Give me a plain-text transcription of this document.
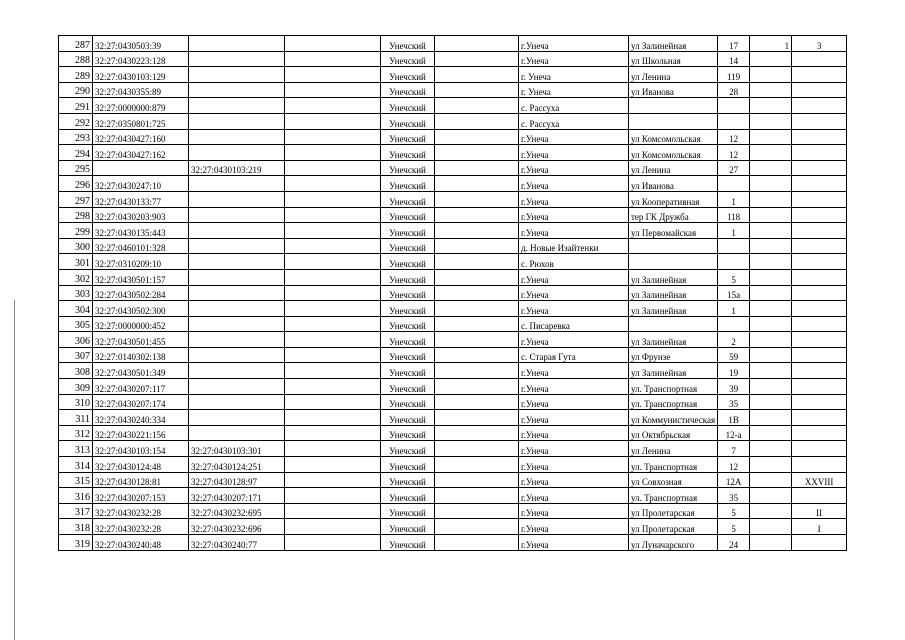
287	32:27:0430503:39			Унечский		г.Унеча	ул Залинейная	17	1	3
288	32:27:0430223:128			Унечский		г.Унеча	ул Школьная	14		
289	32:27:0430103:129			Унечский		г. Унеча	ул Ленина	119		
290	32:27:0430355:89			Унечский		г. Унеча	ул Иванова	28		
291	32:27:0000000:879			Унечский		с. Рассуха				
292	32:27:0350801:725			Унечский		с. Рассуха				
293	32:27:0430427:160			Унечский		г.Унеча	ул Комсомольская	12		
294	32:27:0430427:162			Унечский		г.Унеча	ул Комсомольская	12		
295		32:27:0430103:219		Унечский		г.Унеча	ул Ленина	27		
296	32:27:0430247:10			Унечский		г.Унеча	ул Иванова			
297	32:27:0430133:77			Унечский		г.Унеча	ул Кооперативная	1		
298	32:27:0430203:903			Унечский		г.Унеча	тер ГК Дружба	118		
299	32:27:0430135:443			Унечский		г.Унеча	ул Первомайская	1		
300	32:27:0460101:328			Унечский		д. Новые Изайтенки				
301	32:27:0310209:10			Унечский		с. Рюхов				
302	32:27:0430501:157			Унечский		г.Унеча	ул Залинейная	5		
303	32:27:0430502:284			Унечский		г.Унеча	ул Залинейная	15а		
304	32:27:0430502:300			Унечский		г.Унеча	ул Залинейная	1		
305	32:27:0000000:452			Унечский		с. Писаревка				
306	32:27:0430501:455			Унечский		г.Унеча	ул Залинейная	2		
307	32:27:0140302:138			Унечский		с. Старая Гута	ул Фрунзе	59		
308	32:27:0430501:349			Унечский		г.Унеча	ул Залинейная	19		
309	32:27:0430207:117			Унечский		г.Унеча	ул. Транспортная	39		
310	32:27:0430207:174			Унечский		г.Унеча	ул. Транспортная	35		
311	32:27:0430240:334			Унечский		г.Унеча	ул Коммунистическая	1В		
312	32:27:0430221:156			Унечский		г.Унеча	ул Октябрьская	12-а		
313	32:27:0430103:154	32:27:0430103:301		Унечский		г.Унеча	ул Ленина	7		
314	32:27:0430124:48	32:27:0430124:251		Унечский		г.Унеча	ул. Транспортная	12		
315	32:27:0430128:81	32:27:0430128:97		Унечский		г.Унеча	ул Совхозная	12А		XXVIII
316	32:27:0430207:153	32:27:0430207:171		Унечский		г.Унеча	ул. Транспортная	35		
317	32:27:0430232:28	32:27:0430232:695		Унечский		г.Унеча	ул Пролетарская	5		II
318	32:27:0430232:28	32:27:0430232:696		Унечский		г.Унеча	ул Пролетарская	5		I
319	32:27:0430240:48	32:27:0430240:77		Унечский		г.Унеча	ул Луначарского	24		
